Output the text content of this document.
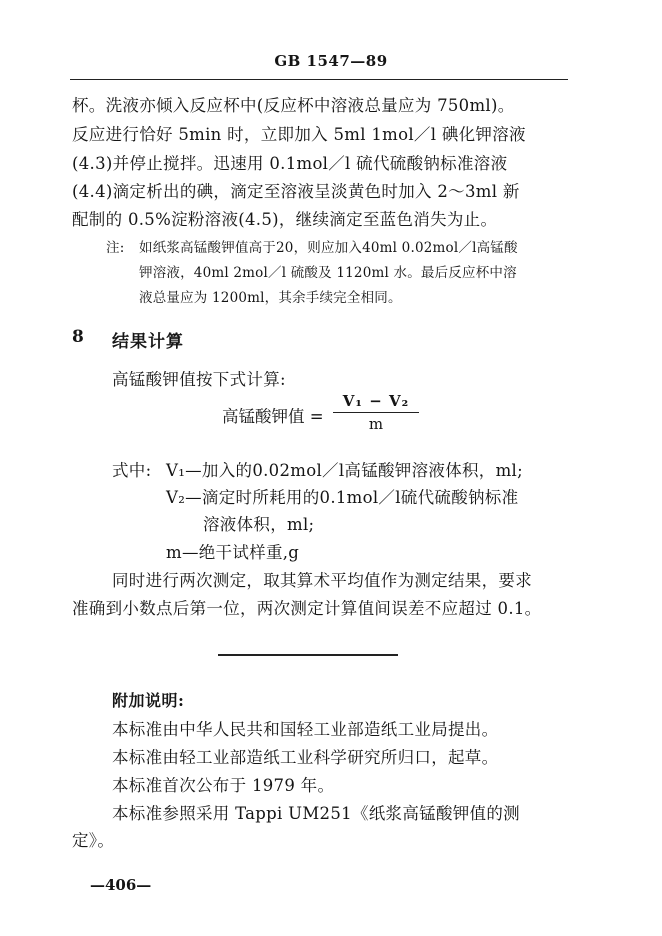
GB 1547—89
杯。洗液亦倾入反应杯中(反应杯中溶液总量应为 750ml)。
反应进行恰好 5min 时，立即加入 5ml 1mol／l 碘化钾溶液
(4.3)并停止搅拌。迅速用 0.1mol／l 硫代硫酸钠标准溶液
(4.4)滴定析出的碘，滴定至溶液呈淡黄色时加入 2～3ml 新
配制的 0.5%淀粉溶液(4.5)，继续滴定至蓝色消失为止。
注: 如纸浆高锰酸钾值高于20，则应加入40ml 0.02mol／l高锰酸
钾溶液，40ml 2mol／l 硫酸及 1120ml 水。最后反应杯中溶
液总量应为 1200ml，其余手续完全相同。
8 结果计算
高锰酸钾值按下式计算:
高锰酸钾值 =
V₁ − V₂
m
式中: V₁—加入的0.02mol／l高锰酸钾溶液体积，ml;
V₂—滴定时所耗用的0.1mol／l硫代硫酸钠标准
溶液体积，ml;
m—绝干试样重,g
同时进行两次测定，取其算术平均值作为测定结果，要求
准确到小数点后第一位，两次测定计算值间误差不应超过 0.1。
附加说明:
本标准由中华人民共和国轻工业部造纸工业局提出。
本标准由轻工业部造纸工业科学研究所归口，起草。
本标准首次公布于 1979 年。
本标准参照采用 Tappi UM251《纸浆高锰酸钾值的测
定》。
—406—
